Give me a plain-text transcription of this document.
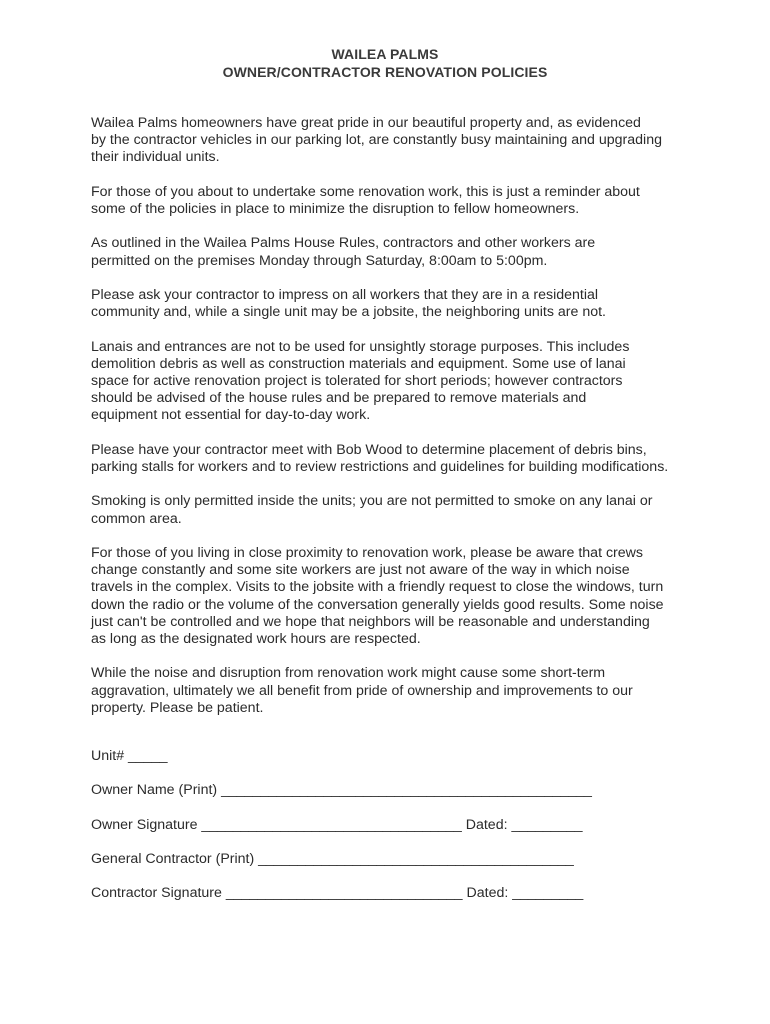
WAILEA PALMS
OWNER/CONTRACTOR RENOVATION POLICIES

Wailea Palms homeowners have great pride in our beautiful property and, as evidenced
by the contractor vehicles in our parking lot, are constantly busy maintaining and upgrading
their individual units.

For those of you about to undertake some renovation work, this is just a reminder about
some of the policies in place to minimize the disruption to fellow homeowners.

As outlined in the Wailea Palms House Rules, contractors and other workers are
permitted on the premises Monday through Saturday, 8:00am to 5:00pm.

Please ask your contractor to impress on all workers that they are in a residential
community and, while a single unit may be a jobsite, the neighboring units are not.

Lanais and entrances are not to be used for unsightly storage purposes. This includes
demolition debris as well as construction materials and equipment. Some use of lanai
space for active renovation project is tolerated for short periods; however contractors
should be advised of the house rules and be prepared to remove materials and
equipment not essential for day-to-day work.

Please have your contractor meet with Bob Wood to determine placement of debris bins,
parking stalls for workers and to review restrictions and guidelines for building modifications.

Smoking is only permitted inside the units; you are not permitted to smoke on any lanai or
common area.

For those of you living in close proximity to renovation work, please be aware that crews
change constantly and some site workers are just not aware of the way in which noise
travels in the complex. Visits to the jobsite with a friendly request to close the windows, turn
down the radio or the volume of the conversation generally yields good results. Some noise
just can't be controlled and we hope that neighbors will be reasonable and understanding
as long as the designated work hours are respected.

While the noise and disruption from renovation work might cause some short-term
aggravation, ultimately we all benefit from pride of ownership and improvements to our
property. Please be patient.

Unit# _____
Owner Name (Print) _______________________________________________
Owner Signature _________________________________ Dated: _________
General Contractor (Print) ________________________________________
Contractor Signature ______________________________ Dated: _________
